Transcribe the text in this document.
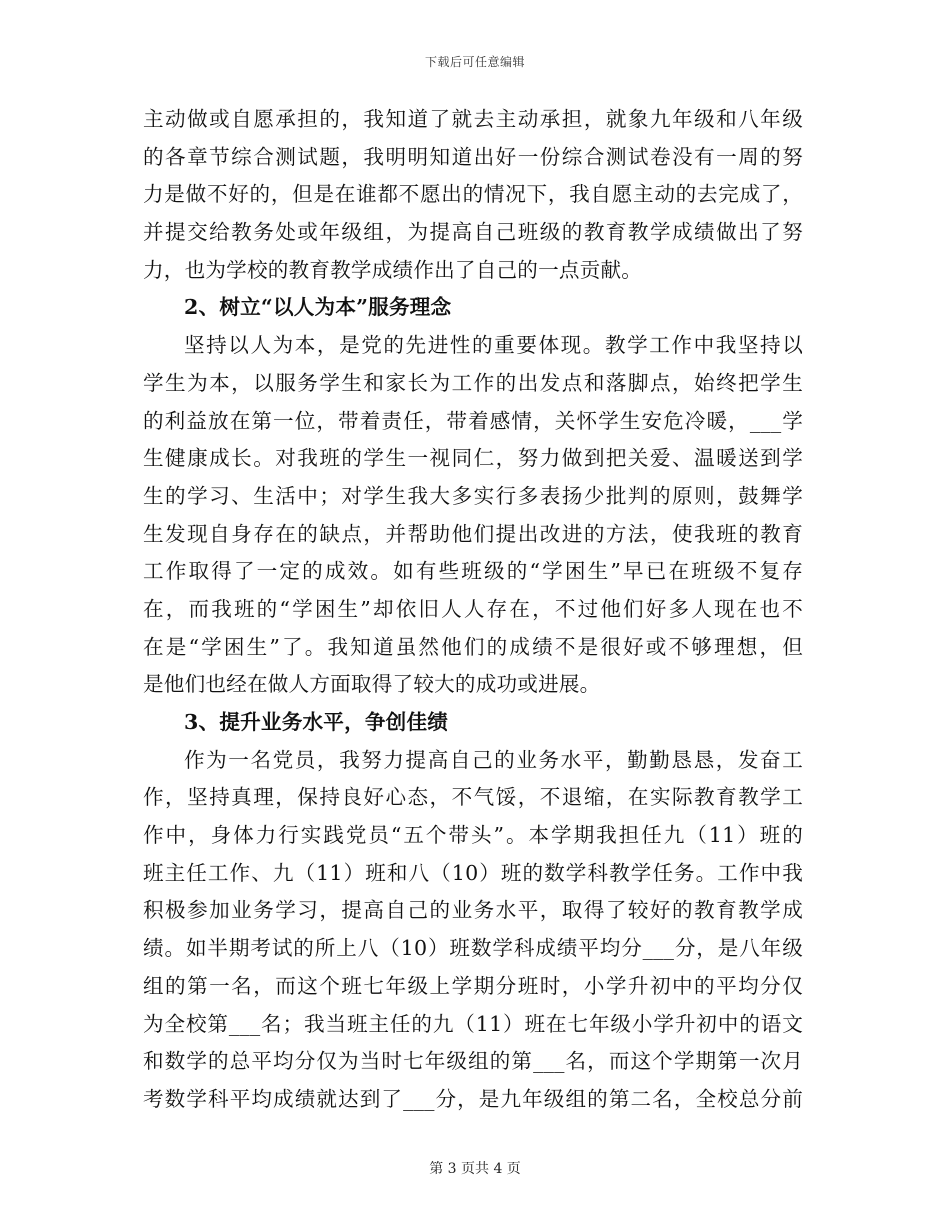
下载后可任意编辑
主动做或自愿承担的，我知道了就去主动承担，就象九年级和八年级
的各章节综合测试题，我明明知道出好一份综合测试卷没有一周的努
力是做不好的，但是在谁都不愿出的情况下，我自愿主动的去完成了，
并提交给教务处或年级组，为提高自己班级的教育教学成绩做出了努
力，也为学校的教育教学成绩作出了自己的一点贡献。
2、树立“以人为本”服务理念
坚持以人为本，是党的先进性的重要体现。教学工作中我坚持以
学生为本，以服务学生和家长为工作的出发点和落脚点，始终把学生
的利益放在第一位，带着责任，带着感情，关怀学生安危冷暖，___学
生健康成长。对我班的学生一视同仁，努力做到把关爱、温暖送到学
生的学习、生活中；对学生我大多实行多表扬少批判的原则，鼓舞学
生发现自身存在的缺点，并帮助他们提出改进的方法，使我班的教育
工作取得了一定的成效。如有些班级的“学困生”早已在班级不复存
在，而我班的“学困生”却依旧人人存在，不过他们好多人现在也不
在是“学困生”了。我知道虽然他们的成绩不是很好或不够理想，但
是他们也经在做人方面取得了较大的成功或进展。
3、提升业务水平，争创佳绩
作为一名党员，我努力提高自己的业务水平，勤勤恳恳，发奋工
作，坚持真理，保持良好心态，不气馁，不退缩，在实际教育教学工
作中，身体力行实践党员“五个带头”。本学期我担任九（11）班的
班主任工作、九（11）班和八（10）班的数学科教学任务。工作中我
积极参加业务学习，提高自己的业务水平，取得了较好的教育教学成
绩。如半期考试的所上八（10）班数学科成绩平均分___分，是八年级
组的第一名，而这个班七年级上学期分班时，小学升初中的平均分仅
为全校第___名；我当班主任的九（11）班在七年级小学升初中的语文
和数学的总平均分仅为当时七年级组的第___名，而这个学期第一次月
考数学科平均成绩就达到了___分，是九年级组的第二名，全校总分前
第 3 页共 4 页
